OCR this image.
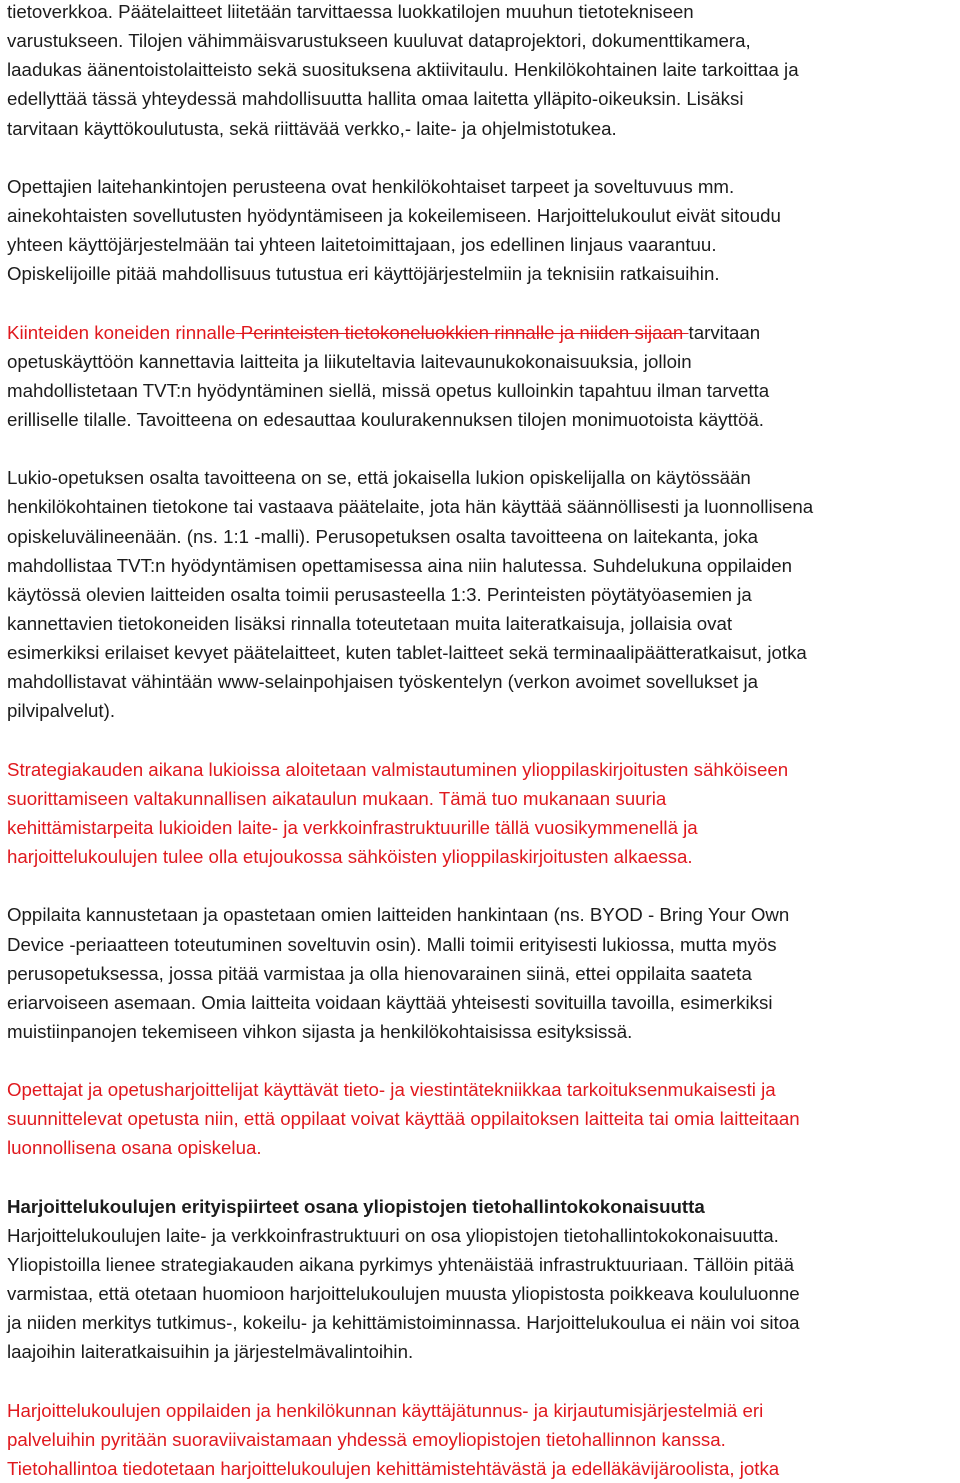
tietoverkkoa. Päätelaitteet liitetään tarvittaessa luokkatilojen muuhun tietotekniseen
varustukseen. Tilojen vähimmäisvarustukseen kuuluvat dataprojektori, dokumenttikamera,
laadukas äänentoistolaitteisto sekä suosituksena aktiivitaulu. Henkilökohtainen laite tarkoittaa ja
edellyttää tässä yhteydessä mahdollisuutta hallita omaa laitetta ylläpito-oikeuksin. Lisäksi
tarvitaan käyttökoulutusta, sekä riittävää verkko,- laite- ja ohjelmistotukea.
Opettajien laitehankintojen perusteena ovat henkilökohtaiset tarpeet ja soveltuvuus mm.
ainekohtaisten sovellutusten hyödyntämiseen ja kokeilemiseen. Harjoittelukoulut eivät sitoudu
yhteen käyttöjärjestelmään tai yhteen laitetoimittajaan, jos edellinen linjaus vaarantuu.
Opiskelijoille pitää mahdollisuus tutustua eri käyttöjärjestelmiin ja teknisiin ratkaisuihin.
Kiinteiden koneiden rinnalle Perinteisten tietokoneluokkien rinnalle ja niiden sijaan tarvitaan
opetuskäyttöön kannettavia laitteita ja liikuteltavia laitevaunukokonaisuuksia, jolloin
mahdollistetaan TVT:n hyödyntäminen siellä, missä opetus kulloinkin tapahtuu ilman tarvetta
erilliselle tilalle. Tavoitteena on edesauttaa koulurakennuksen tilojen monimuotoista käyttöä.
Lukio-opetuksen osalta tavoitteena on se, että jokaisella lukion opiskelijalla on käytössään
henkilökohtainen tietokone tai vastaava päätelaite, jota hän käyttää säännöllisesti ja luonnollisena
opiskeluvälineenään. (ns. 1:1 -malli). Perusopetuksen osalta tavoitteena on laitekanta, joka
mahdollistaa TVT:n hyödyntämisen opettamisessa aina niin halutessa. Suhdelukuna oppilaiden
käytössä olevien laitteiden osalta toimii perusasteella 1:3. Perinteisten pöytätyöasemien ja
kannettavien tietokoneiden lisäksi rinnalla toteutetaan muita laiteratkaisuja, jollaisia ovat
esimerkiksi erilaiset kevyet päätelaitteet, kuten tablet-laitteet sekä terminaalipäätteratkaisut, jotka
mahdollistavat vähintään www-selainpohjaisen työskentelyn (verkon avoimet sovellukset ja
pilvipalvelut).
Strategiakauden aikana lukioissa aloitetaan valmistautuminen ylioppilaskirjoitusten sähköiseen
suorittamiseen valtakunnallisen aikataulun mukaan. Tämä tuo mukanaan suuria
kehittämistarpeita lukioiden laite- ja verkkoinfrastruktuurille tällä vuosikymmenellä ja
harjoittelukoulujen tulee olla etujoukossa sähköisten ylioppilaskirjoitusten alkaessa.
Oppilaita kannustetaan ja opastetaan omien laitteiden hankintaan (ns. BYOD - Bring Your Own
Device -periaatteen toteutuminen soveltuvin osin). Malli toimii erityisesti lukiossa, mutta myös
perusopetuksessa, jossa pitää varmistaa ja olla hienovarainen siinä, ettei oppilaita saateta
eriarvoiseen asemaan. Omia laitteita voidaan käyttää yhteisesti sovituilla tavoilla, esimerkiksi
muistiinpanojen tekemiseen vihkon sijasta ja henkilökohtaisissa esityksissä.
Opettajat ja opetusharjoittelijat käyttävät tieto- ja viestintätekniikkaa tarkoituksenmukaisesti ja
suunnittelevat opetusta niin, että oppilaat voivat käyttää oppilaitoksen laitteita tai omia laitteitaan
luonnollisena osana opiskelua.
Harjoittelukoulujen erityispiirteet osana yliopistojen tietohallintokokonaisuutta
Harjoittelukoulujen laite- ja verkkoinfrastruktuuri on osa yliopistojen tietohallintokokonaisuutta.
Yliopistoilla lienee strategiakauden aikana pyrkimys yhtenäistää infrastruktuuriaan. Tällöin pitää
varmistaa, että otetaan huomioon harjoittelukoulujen muusta yliopistosta poikkeava koululuonne
ja niiden merkitys tutkimus-, kokeilu- ja kehittämistoiminnassa. Harjoittelukoulua ei näin voi sitoa
laajoihin laiteratkaisuihin ja järjestelmävalintoihin.
Harjoittelukoulujen oppilaiden ja henkilökunnan käyttäjätunnus- ja kirjautumisjärjestelmiä eri
palveluihin pyritään suoraviivaistamaan yhdessä emoyliopistojen tietohallinnon kanssa.
Tietohallintoa tiedotetaan harjoittelukoulujen kehittämistehtävästä ja edelläkävijäroolista, jotka
